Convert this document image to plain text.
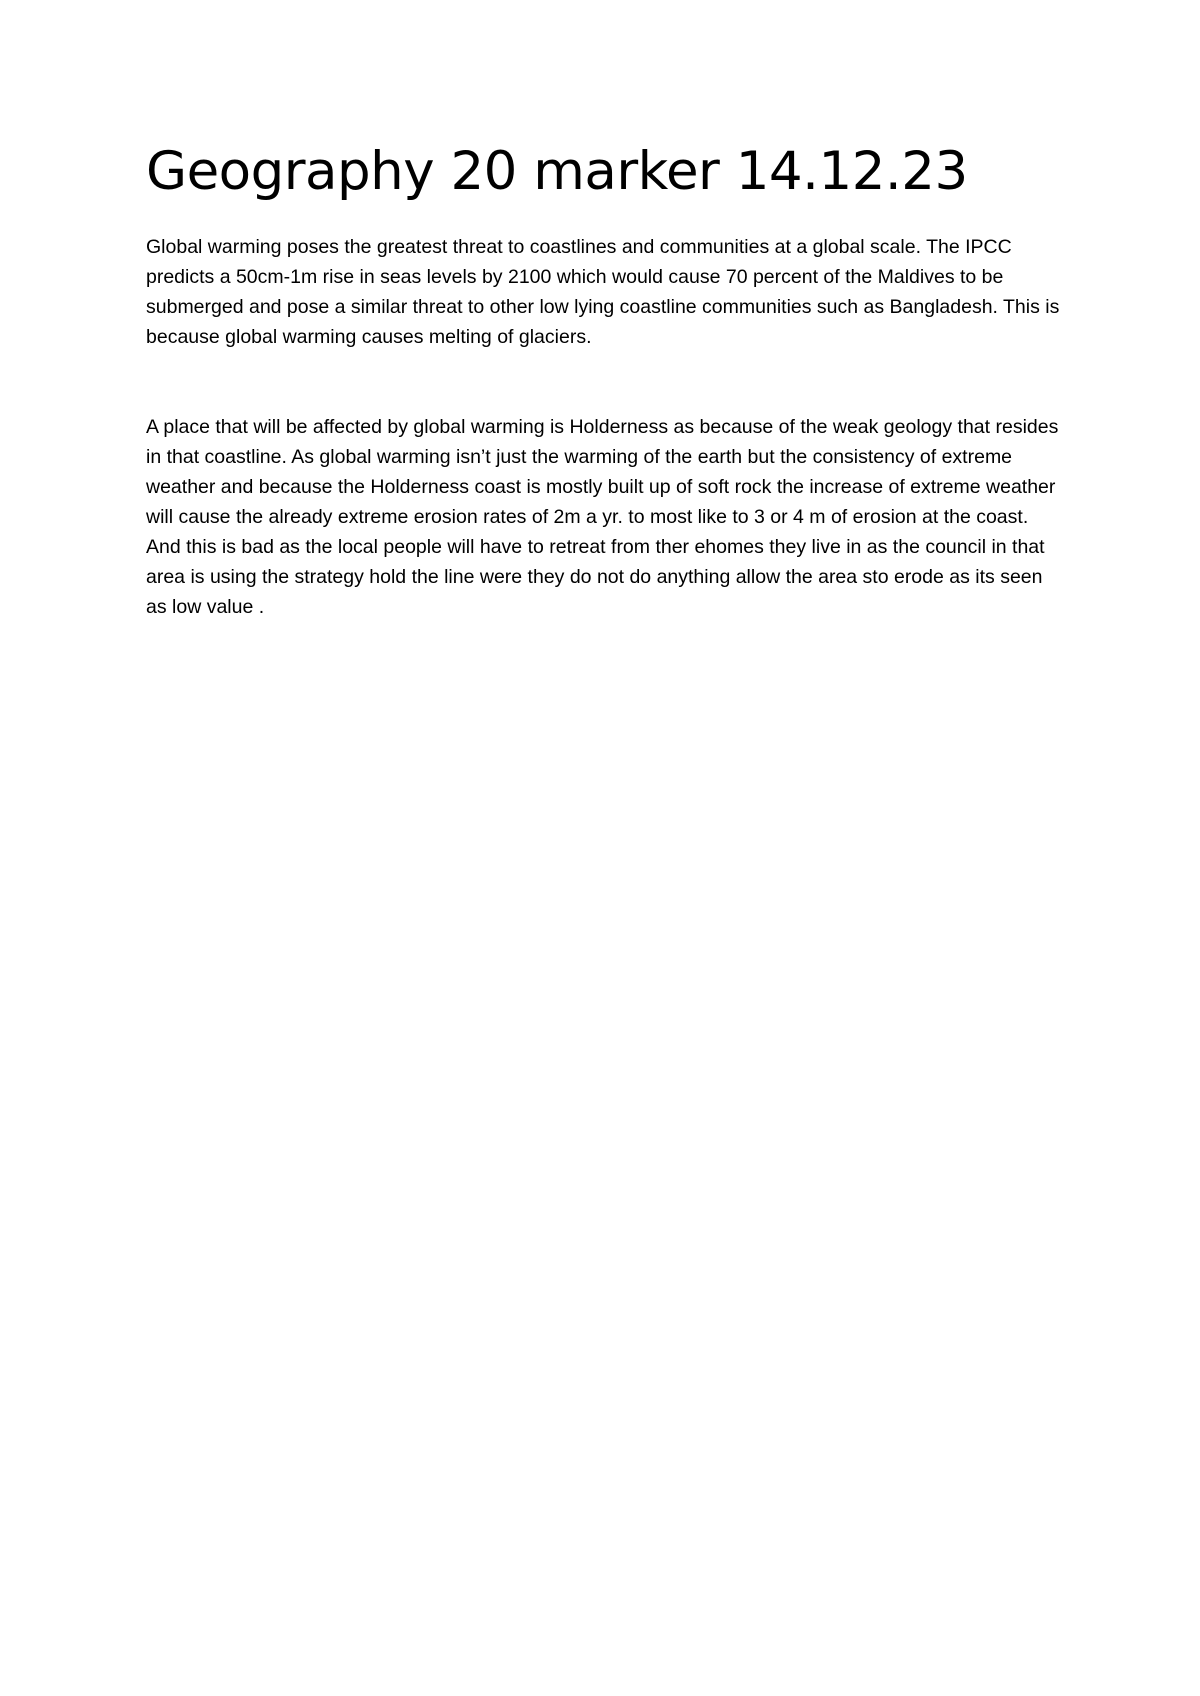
Geography 20 marker 14.12.23

Global warming poses the greatest threat to coastlines and communities at a global scale. The IPCC predicts a 50cm-1m rise in seas levels by 2100 which would cause 70 percent of the Maldives to be submerged and pose a similar threat to other low lying coastline communities such as Bangladesh. This is because global warming causes melting of glaciers.

A place that will be affected by global warming is Holderness as because of the weak geology that resides in that coastline. As global warming isn’t just the warming of the earth but the consistency of extreme weather and because the Holderness coast is mostly built up of soft rock the increase of extreme weather will cause the already extreme erosion rates of 2m a yr. to most like to 3 or 4 m of erosion at the coast. And this is bad as the local people will have to retreat from ther ehomes they live in as the council in that area is using the strategy hold the line were they do not do anything allow the area sto erode as its seen as low value .
